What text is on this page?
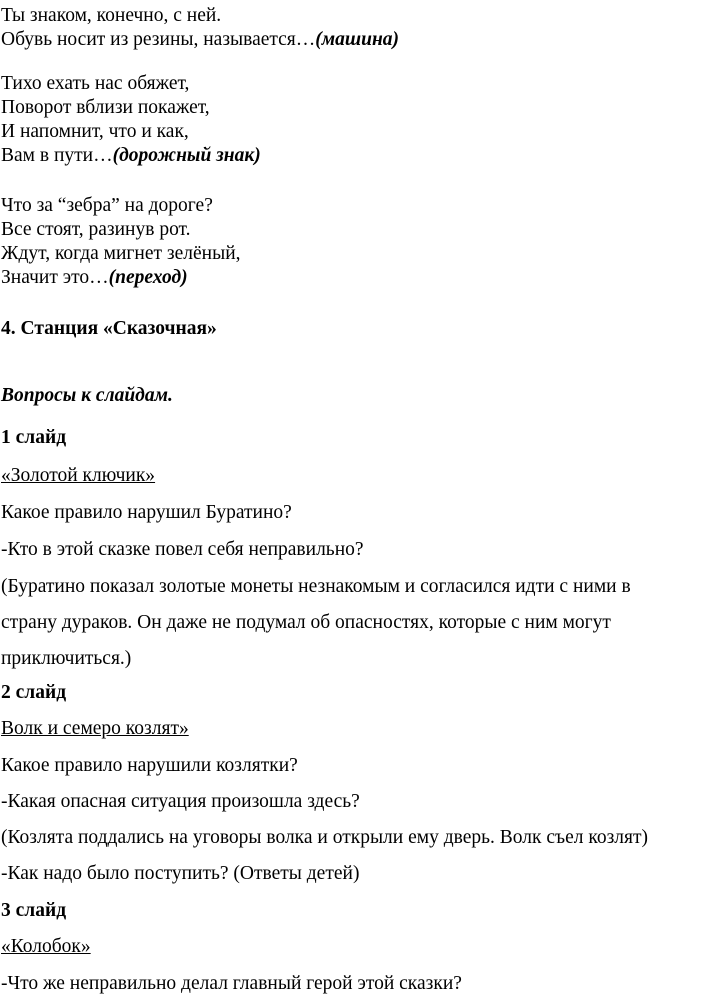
Ты знаком, конечно, с ней.
Обувь носит из резины, называется…(машина)
Тихо ехать нас обяжет,
Поворот вблизи покажет,
И напомнит, что и как,
Вам в пути…(дорожный знак)
Что за “зебра” на дороге?
Все стоят, разинув рот.
Ждут, когда мигнет зелёный,
Значит это…(переход)
4. Станция «Сказочная»
Вопросы к слайдам.
1 слайд
«Золотой ключик»
Какое правило нарушил Буратино?
-Кто в этой сказке повел себя неправильно?
(Буратино показал золотые монеты незнакомым и согласился идти с ними в
страну дураков. Он даже не подумал об опасностях, которые с ним могут
приключиться.)
2 слайд
Волк и семеро козлят»
Какое правило нарушили козлятки?
-Какая опасная ситуация произошла здесь?
(Козлята поддались на уговоры волка и открыли ему дверь. Волк съел козлят)
-Как надо было поступить? (Ответы детей)
3 слайд
«Колобок»
-Что же неправильно делал главный герой этой сказки?
